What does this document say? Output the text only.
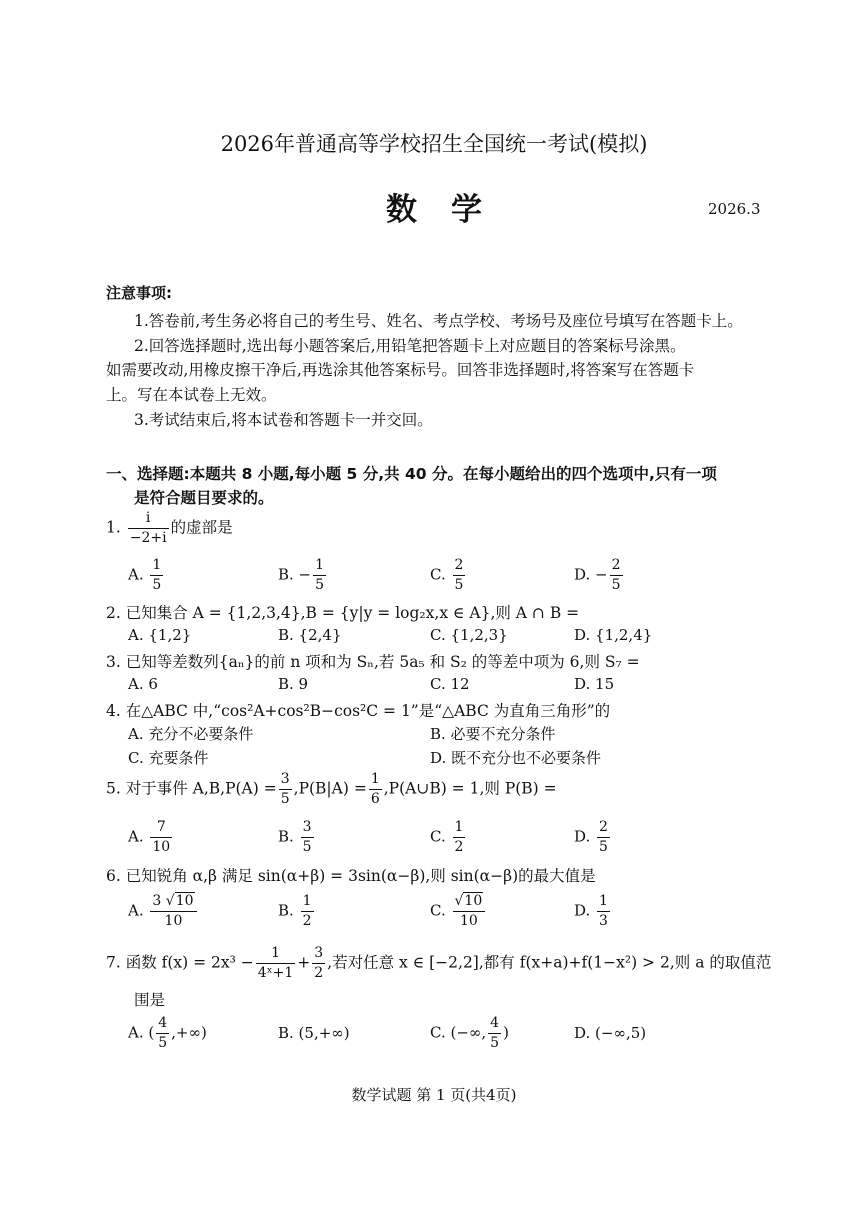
2026年普通高等学校招生全国统一考试(模拟)
数学	2026.3
注意事项:
1.答卷前,考生务必将自己的考生号、姓名、考点学校、考场号及座位号填写在答题卡上。
2.回答选择题时,选出每小题答案后,用铅笔把答题卡上对应题目的答案标号涂黑。
如需要改动,用橡皮擦干净后,再选涂其他答案标号。回答非选择题时,将答案写在答题卡
上。写在本试卷上无效。
3.考试结束后,将本试卷和答题卡一并交回。
一、选择题:本题共 8 小题,每小题 5 分,共 40 分。在每小题给出的四个选项中,只有一项
是符合题目要求的。
1. $\frac{i}{-2+i}$ 的虚部是
A. $\frac{1}{5}$	B. − $\frac{1}{5}$	C. $\frac{2}{5}$	D. − $\frac{2}{5}$
2. 已知集合 A = {1,2,3,4},B = {y|y = log₂x,x ∈ A},则 A ∩ B =
A. {1,2}	B. {2,4}	C. {1,2,3}	D. {1,2,4}
3. 已知等差数列{aₙ}的前 n 项和为 Sₙ,若 5a₅ 和 S₂ 的等差中项为 6,则 S₇ =
A. 6	B. 9	C. 12	D. 15
4. 在△ABC 中,“cos²A+cos²B−cos²C = 1”是“△ABC 为直角三角形”的
A. 充分不必要条件	B. 必要不充分条件
C. 充要条件	D. 既不充分也不必要条件
5. 对于事件 $A,B,P(A) = \frac{3}{5} ,P(B|A) = \frac{1}{6}$ ,P(A∪B) = 1,则 P(B) =
A. $\frac{7}{10}$	B. $\frac{3}{5}$	C. $\frac{1}{2}$	D. $\frac{2}{5}$
6. 已知锐角 α,β 满足 sin(α+β) = 3sin(α−β),则 sin(α−β)的最大值是
A. $\frac{3 √10}{10}$	B. $\frac{1}{2}$	C. $\frac{√10}{10}$	D. $\frac{1}{3}$
7. 函数 $f(x) = 2x^3 - \frac{1}{\text{4ˣ+1}} + \frac{3}{2}$ ,若对任意 x ∈ [−2,2],都有 f(x+a)+f(1−x²) > 2,则 a 的取值范
围是
A. ( $\frac{4}{5}$ ,+∞)	B. (5,+∞)	C. (−∞, $\frac{4}{5}$ )	D. (−∞,5)
数学试题 第 1 页(共4页)
